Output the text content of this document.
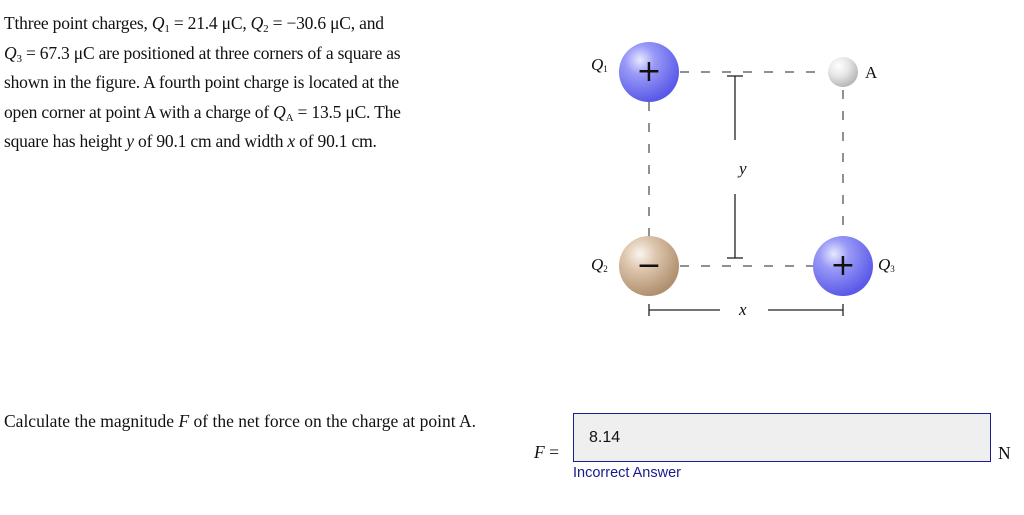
Tthree point charges, $Q_1 = 21.4$ μC, $Q_2 = -30.6$ μC, and
$Q_3 = 67.3$ μC are positioned at three corners of a square as
shown in the figure. A fourth point charge is located at the
open corner at point A with a charge of $Q_A = 13.5$ μC. The
square has height y of 90.1 cm and width x of 90.1 cm.
+
−	+
$Q_1$
$Q_2$	$Q_3$
A
y
x
Calculate the magnitude F of the net force on the charge at point A.
F =
8.14
N
Incorrect Answer
